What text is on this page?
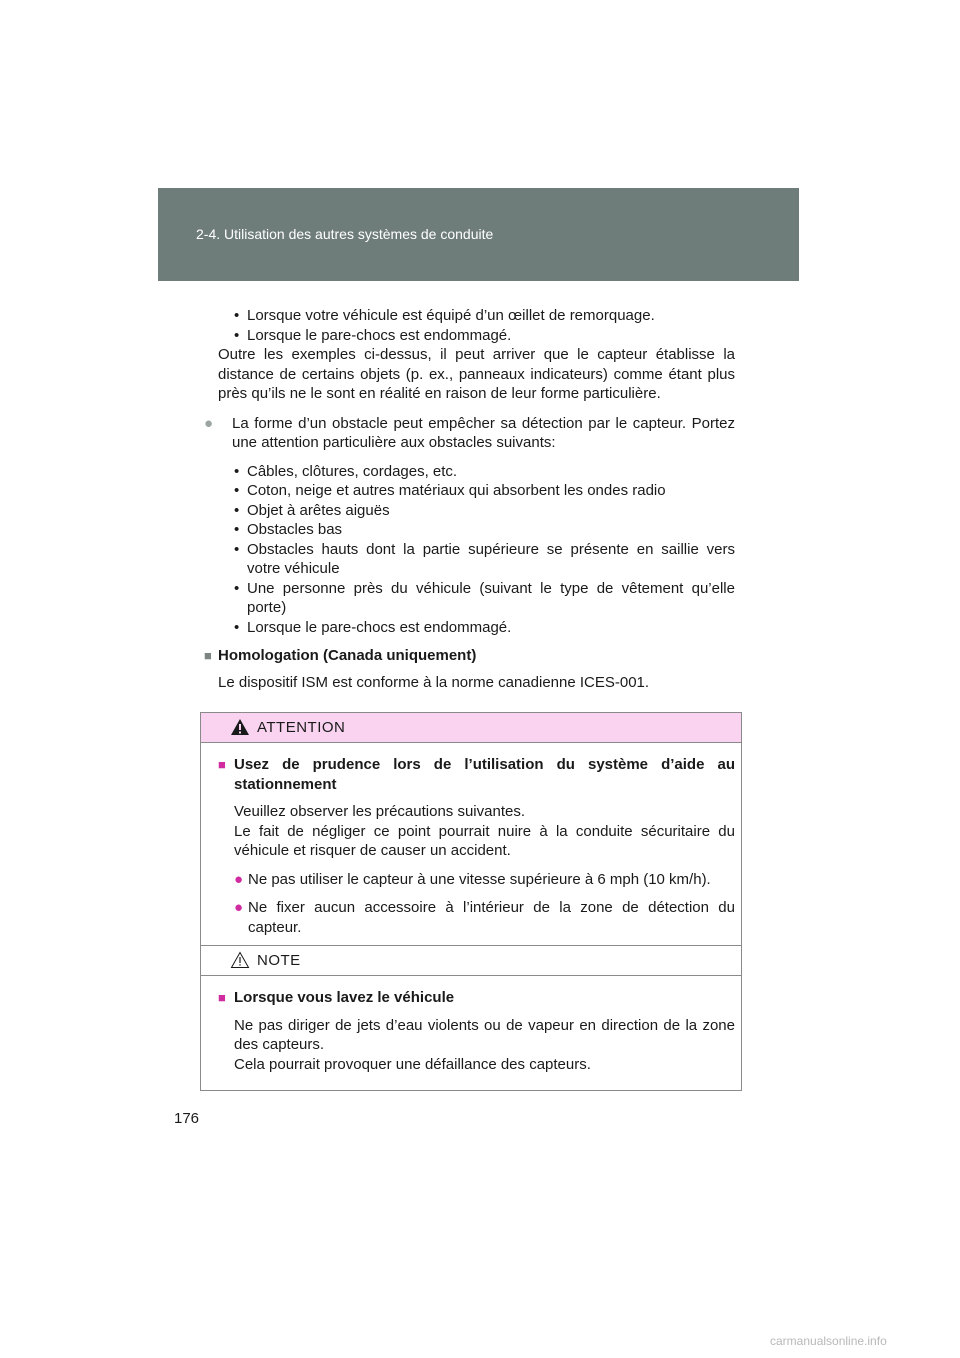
2-4. Utilisation des autres systèmes de conduite
• Lorsque votre véhicule est équipé d’un œillet de remorquage.
• Lorsque le pare-chocs est endommagé.
Outre les exemples ci-dessus, il peut arriver que le capteur établisse la distance de certains objets (p. ex., panneaux indicateurs) comme étant plus près qu’ils ne le sont en réalité en raison de leur forme particulière.
● La forme d’un obstacle peut empêcher sa détection par le capteur. Portez une attention particulière aux obstacles suivants:
• Câbles, clôtures, cordages, etc.
• Coton, neige et autres matériaux qui absorbent les ondes radio
• Objet à arêtes aiguës
• Obstacles bas
• Obstacles hauts dont la partie supérieure se présente en saillie vers votre véhicule
• Une personne près du véhicule (suivant le type de vêtement qu’elle porte)
• Lorsque le pare-chocs est endommagé.
■ Homologation (Canada uniquement)
Le dispositif ISM est conforme à la norme canadienne ICES-001.
ATTENTION
■ Usez de prudence lors de l’utilisation du système d’aide au stationnement
Veuillez observer les précautions suivantes.
Le fait de négliger ce point pourrait nuire à la conduite sécuritaire du véhicule et risquer de causer un accident.
● Ne pas utiliser le capteur à une vitesse supérieure à 6 mph (10 km/h).
● Ne fixer aucun accessoire à l’intérieur de la zone de détection du capteur.
NOTE
■ Lorsque vous lavez le véhicule
Ne pas diriger de jets d’eau violents ou de vapeur en direction de la zone des capteurs.
Cela pourrait provoquer une défaillance des capteurs.
176
carmanualsonline.info
